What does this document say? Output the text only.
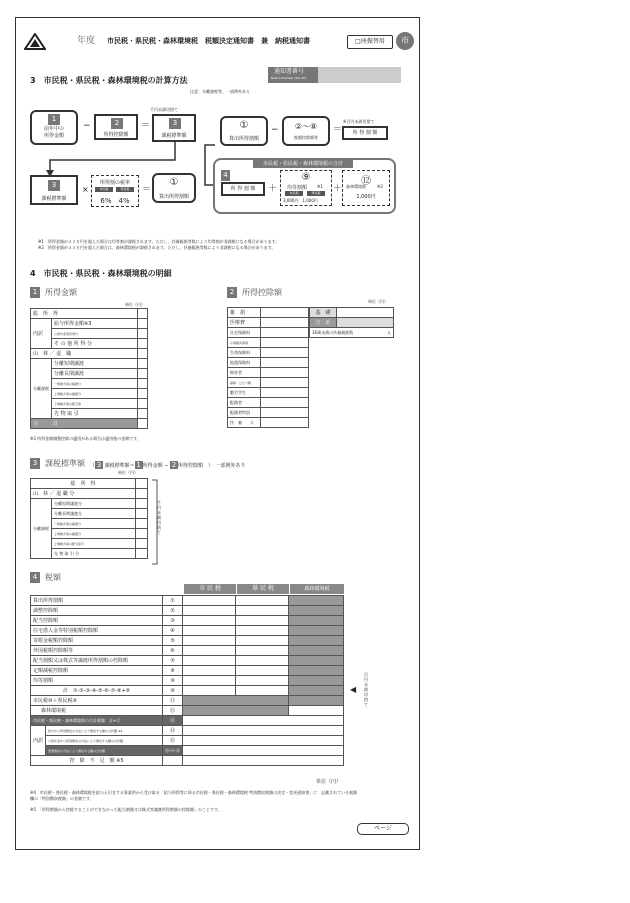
年度 市民税・県民税・森林環境税　税額決定通知書　兼　納税通知書	□座振替用	市
3　市民税・県民税・森林環境税の計算方法
通知書番号
Notice Number (Tax ID)
注意：分離課税等、一部例外あり
1
前年中の
所得金額
−	2
所得控除額
＝
千円未満切捨て
3
課税標準額
①
算出所得割額
−	②〜⑧
税額控除額等
＝
※百円未満切捨て
所 得 割 額
3
課税標準額
×
所得割の税率
市民税	県民税
6%　4%
＝
①
算出所得割額
市民税・県民税・森林環境税の合計
4
所 得 割 額	＋
⑨
均等割額 ※1
市民税	県民税
3,000円　1,000円
＋
⑫
森林環境税	※2
1,000円
※1　所得金額が４２万円を超えた場合は均等割が課税されます。ただし、扶養親族等数により均等割が非課税になる場合があります。
※2　所得金額が４５万円を超えた場合は、森林環境税が課税されます。ただし、扶養親族等数により非課税になる場合があります。
4　市民税・県民税・森林環境税の明細
1 所得金額
単位（円）
総　所　得		
内訳	給与所得金額※3	
	公的年金等所得分	
	そ の 他 所 得 分	
山　林 ／ 退　職		
分離課税	分離短期譲渡	
	分離長期譲渡	
	一般株式等の譲渡分	
	上場株式等の譲渡分	
	上場株式等の配当等	
	先 物 取 引	
合　　　計		
※3 所得金額調整控除の適用がある場合は適用後の金額です。
2 所得控除額
単位（円）
雑　損	
医療費	
社会保険料	
小規模共済等	
生命保険料	
地震保険料	
障害者	
寡婦・ひとり親	
勤労学生	
配偶者	
配偶者特別	
扶　養　　人	
基　礎	
合　計	
16歳未満の扶養親族数 人	
3 課税標準額 （ 3 課税標準額＝ 1 所得金額 − 2 所得控除額　）　一部例外あり
単位（円）
総　所　得		
山　林 ／ 退 職 分		
分離課税	分離短期譲渡分	
	分離長期譲渡分	
	一般株式等の譲渡分	
	上場株式等の譲渡分	
	上場株式等の配当等分	
	先 物 取 引 分	
千円未満切捨て
4 税額
市 民 税	県 民 税	森林環境税
算出所得割額		①			
調整控除額		②			
配当控除額		③			
住宅借入金等特別税額控除額		④			
寄附金税額控除額		⑤			
外国税額控除額等		⑥			
配当割額又は株式等譲渡所得割額の控除額		⑦			
定額減税控除額		⑧			
均等割額		⑨			
計　①-②-③-④-⑤-⑥-⑦-⑧+⑨		⑩			
市民税⑩＋県民税⑩		⑪			
森林環境税		⑫			
市民税・県民税・森林環境税の合計税額　⑪+⑫		⑬			
内訳	給与から特別徴収の方法により徴収する額の合計額 ※4	⑭			
	公的年金から特別徴収の方法により徴収する額の合計額	⑮			
	普通徴収の方法により徴収する額の合計額	⑬-⑭-⑮			
控　除　不　足　額 ※5					
◀
百円未満切捨て
単位（円）
※4　市民税・県民税・森林環境税を給与天引きする事業所から受け取る「給与所得等に係る市民税・県民税・森林環境税 特別徴収税額の決定・変更通知書」に　記載されている税額欄の「特別徴収税額」の金額です。
※5　「所得割額から控除することができなかった配当割額又は株式等譲渡所得割額の控除額」のことです。
ページ
